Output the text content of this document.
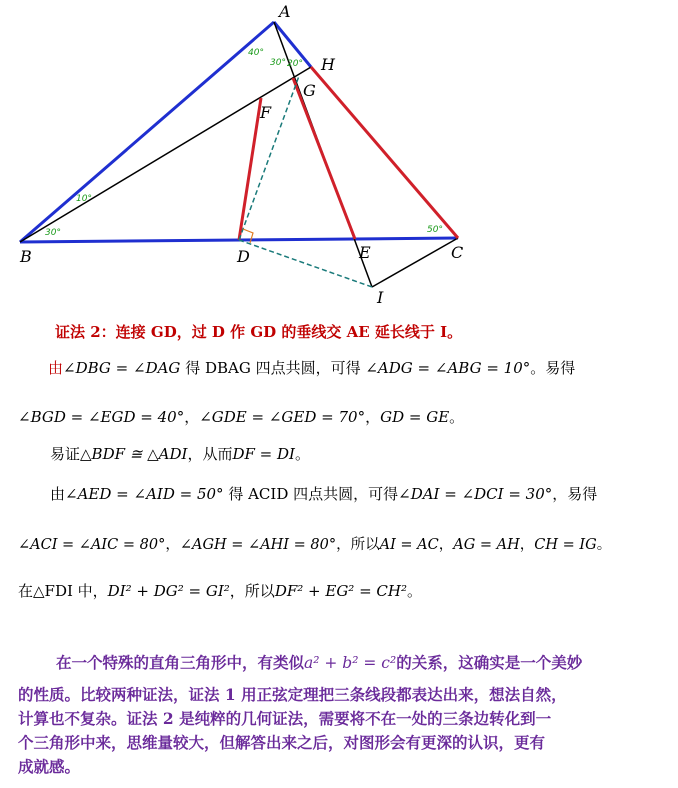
40°
30° 20°
10°
30°	50°
A
B	C
D	E
F
G
H
I
证法 2：连接 GD，过 D 作 GD 的垂线交 AE 延长线于 I。
由∠DBG = ∠DAG 得 DBAG 四点共圆，可得 ∠ADG = ∠ABG = 10°。易得
∠BGD = ∠EGD = 40°，∠GDE = ∠GED = 70°，GD = GE。
易证△BDF ≅ △ADI，从而DF = DI。
由∠AED = ∠AID = 50° 得 ACID 四点共圆，可得∠DAI = ∠DCI = 30°，易得
∠ACI = ∠AIC = 80°，∠AGH = ∠AHI = 80°，所以AI = AC，AG = AH，CH = IG。
在△FDI 中，DI² + DG² = GI²，所以DF² + EG² = CH²。
在一个特殊的直角三角形中，有类似a² + b² = c²的关系，这确实是一个美妙
的性质。比较两种证法，证法 1 用正弦定理把三条线段都表达出来，想法自然，
计算也不复杂。证法 2 是纯粹的几何证法，需要将不在一处的三条边转化到一
个三角形中来，思维量较大，但解答出来之后，对图形会有更深的认识，更有
成就感。
